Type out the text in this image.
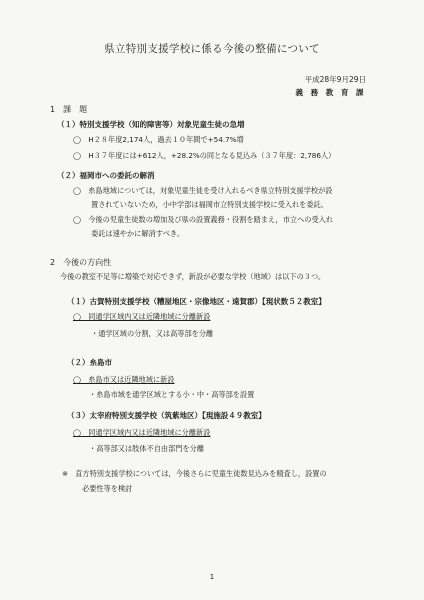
県立特別支援学校に係る今後の整備について
平成28年9月29日
義 務 教 育 課
1　課　題
（１）特別支援学校（知的障害等）対象児童生徒の急増
◯　H２８年度2,174人，過去１０年間で+54.7%増
◯　H３７年度には+612人，+28.2%の同となる見込み（３７年度：2,786人）
（２）福岡市への委託の解消
◯　糸島地域については，対象児童生徒を受け入れるべき県立特別支援学校が設
置されていないため，小中学部は福岡市立特別支援学校に受入れを委託。
◯　今後の児童生徒数の増加及び県の設置義務・役割を踏まえ，市立への受入れ
委託は速やかに解消すべき。
2　今後の方向性
今後の教室不足等に増築で対応できず，新設が必要な学校（地域）は以下の３つ。
（１）古賀特別支援学校（糟屋地区・宗像地区・遠賀郡）【現状数５２教室】
◯　同通学区域内又は近隣地域に分離新設
・通学区域の分割，又は高等部を分離
（２）糸島市
◯　糸島市又は近隣地域に新設
・糸島市域を通学区域とする小・中・高等部を設置
（３）太宰府特別支援学校（筑紫地区）【現施設４９教室】
◯　同通学区域内又は近隣地域に分離新設
・高等部又は肢体不自由部門を分離
※　直方特別支援学校については，今後さらに児童生徒数見込みを精査し，設置の
必要性等を検討
1
